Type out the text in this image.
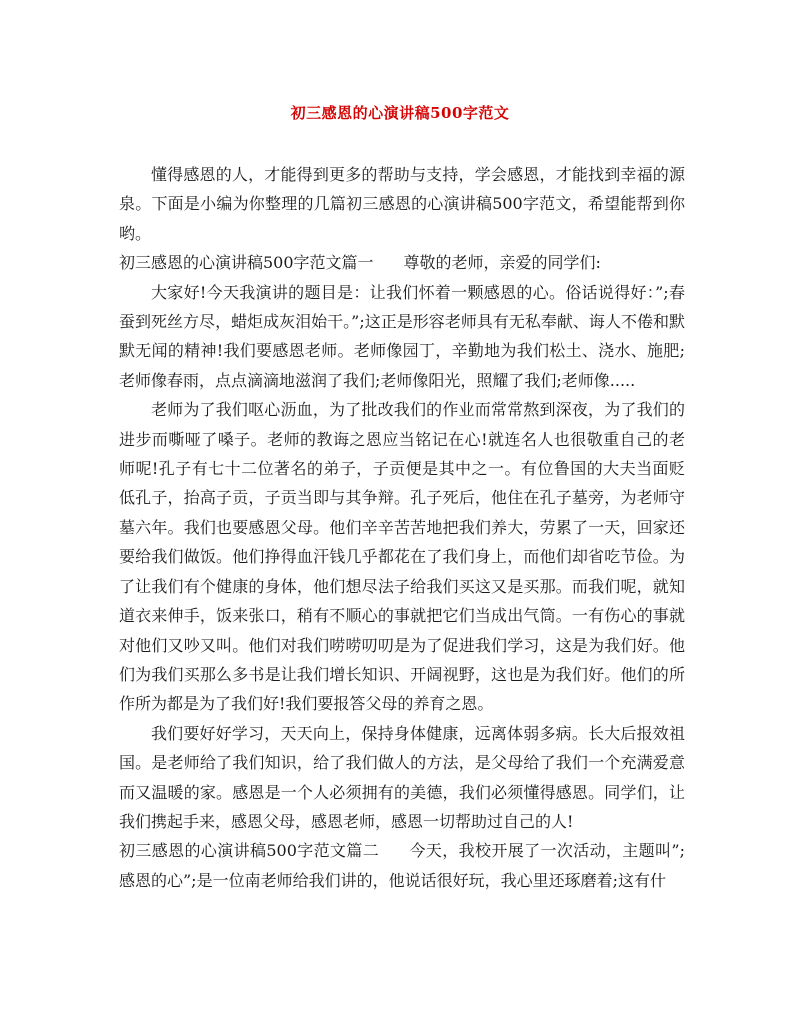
初三感恩的心演讲稿500字范文

懂得感恩的人，才能得到更多的帮助与支持，学会感恩，才能找到幸福的源泉。下面是小编为你整理的几篇初三感恩的心演讲稿500字范文，希望能帮到你哟。

初三感恩的心演讲稿500字范文篇一 尊敬的老师，亲爱的同学们:

大家好!今天我演讲的题目是：让我们怀着一颗感恩的心。俗话说得好：”;春蚕到死丝方尽，蜡炬成灰泪始干。”;这正是形容老师具有无私奉献、诲人不倦和默默无闻的精神!我们要感恩老师。老师像园丁，辛勤地为我们松土、浇水、施肥;老师像春雨，点点滴滴地滋润了我们;老师像阳光，照耀了我们;老师像.....

老师为了我们呕心沥血，为了批改我们的作业而常常熬到深夜，为了我们的进步而嘶哑了嗓子。老师的教诲之恩应当铭记在心!就连名人也很敬重自己的老师呢!孔子有七十二位著名的弟子，子贡便是其中之一。有位鲁国的大夫当面贬低孔子，抬高子贡，子贡当即与其争辩。孔子死后，他住在孔子墓旁，为老师守墓六年。我们也要感恩父母。他们辛辛苦苦地把我们养大，劳累了一天，回家还要给我们做饭。他们挣得血汗钱几乎都花在了我们身上，而他们却省吃节俭。为了让我们有个健康的身体，他们想尽法子给我们买这又是买那。而我们呢，就知道衣来伸手，饭来张口，稍有不顺心的事就把它们当成出气筒。一有伤心的事就对他们又吵又叫。他们对我们唠唠叨叨是为了促进我们学习，这是为我们好。他们为我们买那么多书是让我们增长知识、开阔视野，这也是为我们好。他们的所作所为都是为了我们好!我们要报答父母的养育之恩。

我们要好好学习，天天向上，保持身体健康，远离体弱多病。长大后报效祖国。是老师给了我们知识，给了我们做人的方法，是父母给了我们一个充满爱意而又温暖的家。感恩是一个人必须拥有的美德，我们必须懂得感恩。同学们，让我们携起手来，感恩父母，感恩老师，感恩一切帮助过自己的人!

初三感恩的心演讲稿500字范文篇二 今天，我校开展了一次活动，主题叫”;感恩的心”;是一位南老师给我们讲的，他说话很好玩，我心里还琢磨着;这有什
